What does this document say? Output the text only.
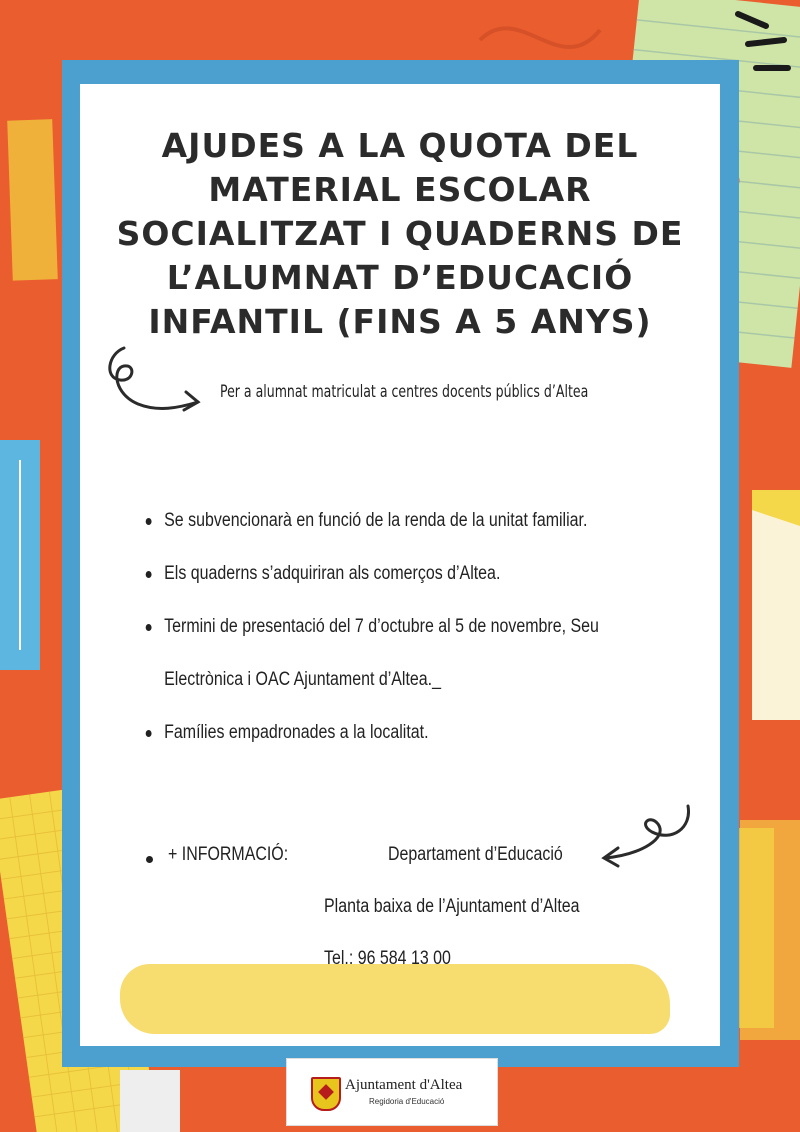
AJUDES A LA QUOTA DEL
MATERIAL ESCOLAR
SOCIALITZAT I QUADERNS DE
L’ALUMNAT D’EDUCACIÓ
INFANTIL (FINS A 5 ANYS)
Per a alumnat matriculat a centres docents públics d’Altea
Se subvencionarà en funció de la renda de la unitat familiar.
Els quaderns s’adquiriran als comerços d’Altea.
Termini de presentació del 7 d’octubre al 5 de novembre, Seu
Electrònica i OAC Ajuntament d’Altea._
Famílies empadronades a la localitat.
+ INFORMACIÓ:	Departament d’Educació
Planta baixa de l’Ajuntament d’Altea
Tel.: 96 584 13 00
Ajuntament d'Altea
Regidoria d'Educació
